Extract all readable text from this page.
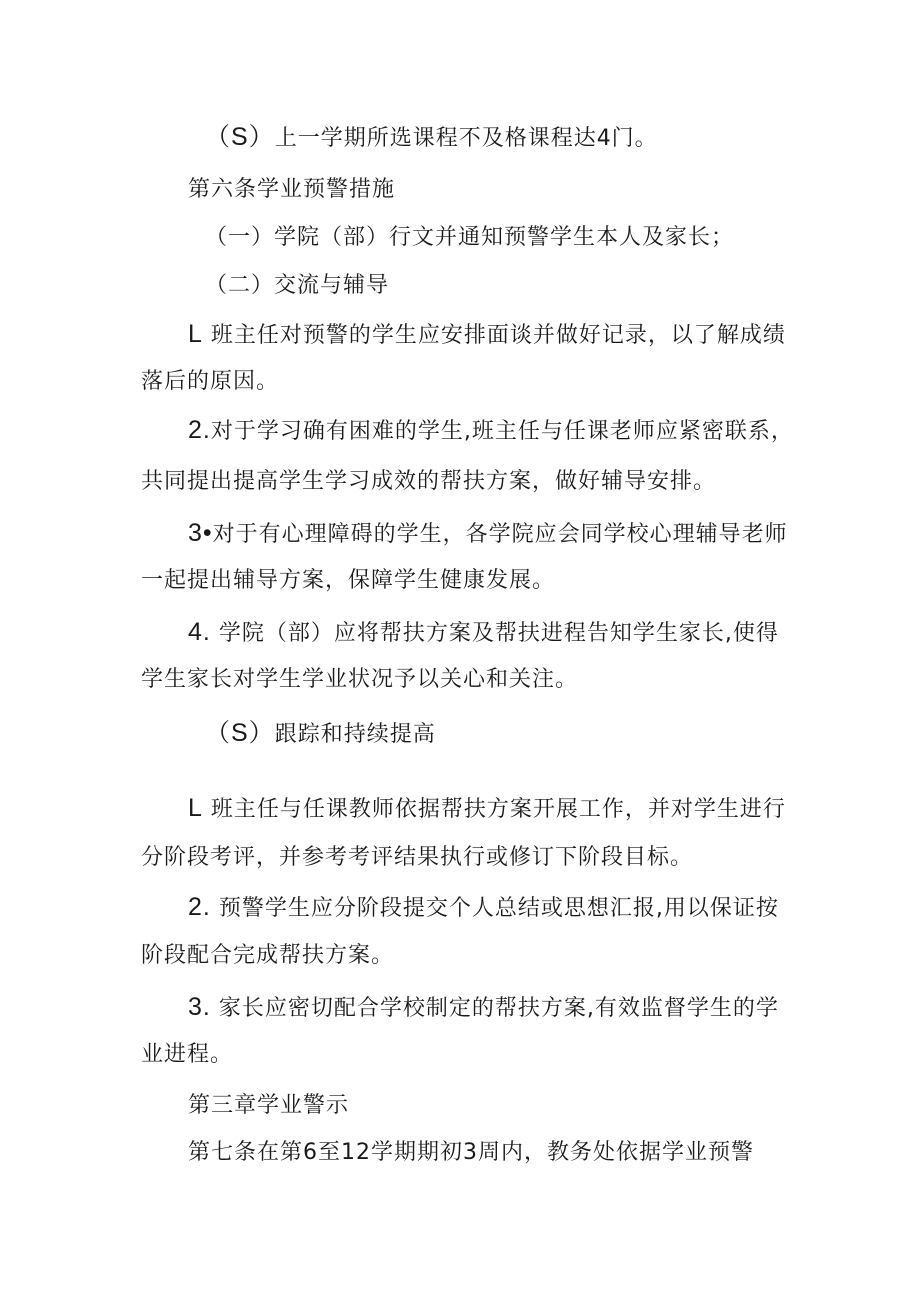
（S）上一学期所选课程不及格课程达4门。
第六条学业预警措施
（一）学院（部）行文并通知预警学生本人及家长；
（二）交流与辅导
L 班主任对预警的学生应安排面谈并做好记录，以了解成绩
落后的原因。
2.对于学习确有困难的学生,班主任与任课老师应紧密联系，
共同提出提高学生学习成效的帮扶方案，做好辅导安排。
3•对于有心理障碍的学生，各学院应会同学校心理辅导老师
一起提出辅导方案，保障学生健康发展。
4. 学院（部）应将帮扶方案及帮扶进程告知学生家长,使得
学生家长对学生学业状况予以关心和关注。
（S）跟踪和持续提高
L 班主任与任课教师依据帮扶方案开展工作，并对学生进行
分阶段考评，并参考考评结果执行或修订下阶段目标。
2. 预警学生应分阶段提交个人总结或思想汇报,用以保证按
阶段配合完成帮扶方案。
3. 家长应密切配合学校制定的帮扶方案,有效监督学生的学
业进程。
第三章学业警示
第七条在第6至12学期期初3周内，教务处依据学业预警
